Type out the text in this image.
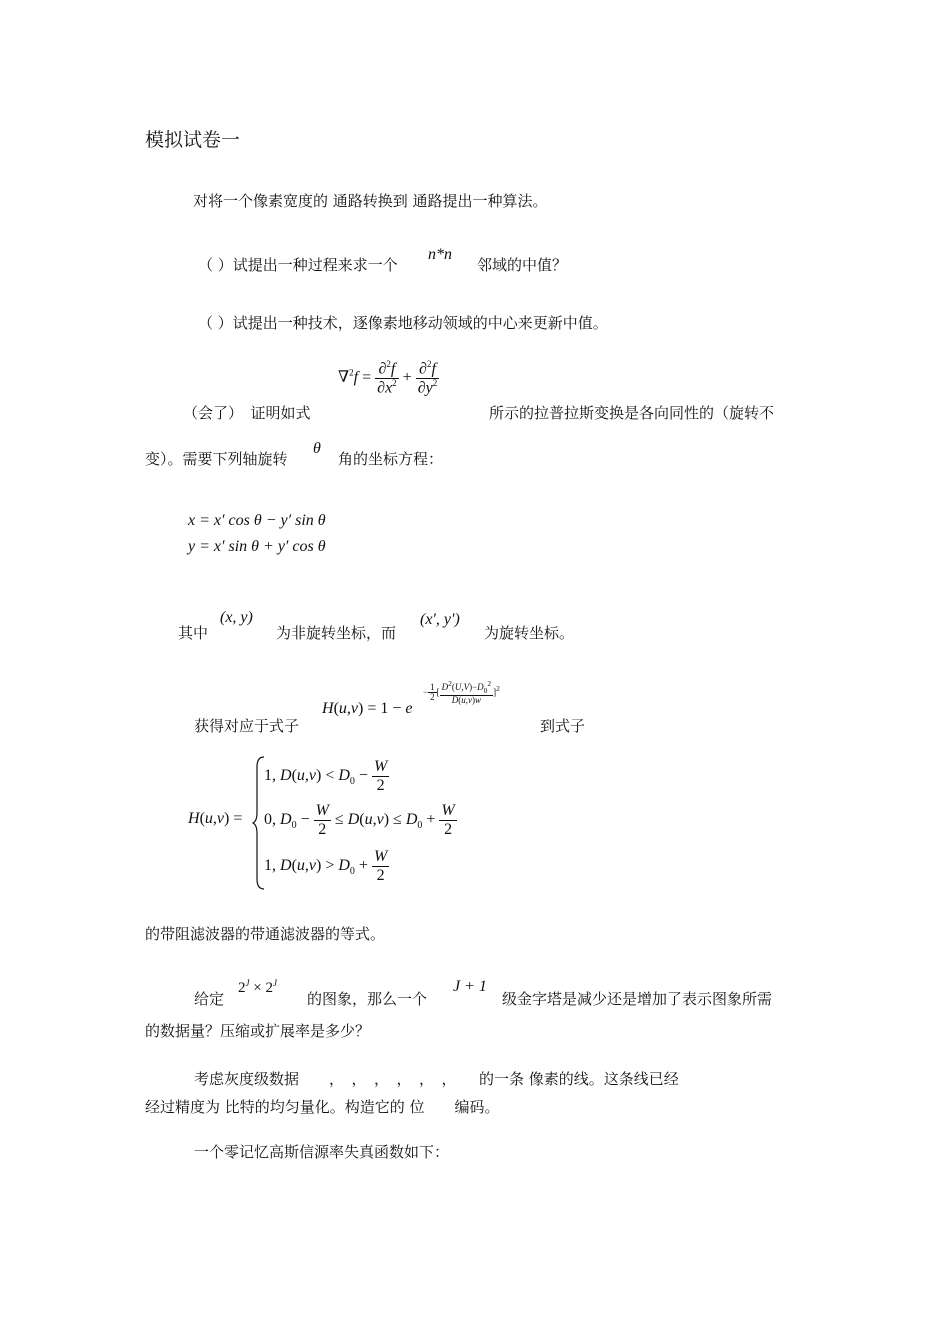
模拟试卷一
对将一个像素宽度的 通路转换到 通路提出一种算法。
（ ）试提出一种过程来求一个
n*n
邻域的中值？
（ ）试提出一种技术，逐像素地移动领域的中心来更新中值。
$\nabla^2f = \frac{\partial^2f}{\partial x^2} + \frac{\partial^2f}{\partial y^2}$
（会了）　证明如式	所示的拉普拉斯变换是各向同性的（旋转不
变）。需要下列轴旋转
θ
角的坐标方程：
x = x′ cos θ − y′ sin θ
y = x′ sin θ + y′ cos θ
其中
(x, y)
为非旋转坐标，而
(x′, y′)
为旋转坐标。
获得对应于式子
H(u,v) = 1 − e
− $\frac{1}{2}$ [ $\frac{D^2(U,V)-D_0^2}{D(u,v)w} ]^2$
到式子
H(u,v) =
1, $D(u,v) < D_0 - \frac{W}{2}$
0, $D_0 - \frac{W}{2} \le D(u,v) \le D_0 + \frac{W}{2}$
1, $D(u,v) > D_0 + \frac{W}{2}$
的带阻滤波器的带通滤波器的等式。
给定
$2^J \times 2^J$
的图象，那么一个
J + 1
级金字塔是减少还是增加了表示图象所需
的数据量？压缩或扩展率是多少？
考虑灰度级数据　　，　，　，　，　，　，　　的一条 像素的线。这条线已经
经过精度为 比特的均匀量化。构造它的 位　　编码。
一个零记忆高斯信源率失真函数如下：
